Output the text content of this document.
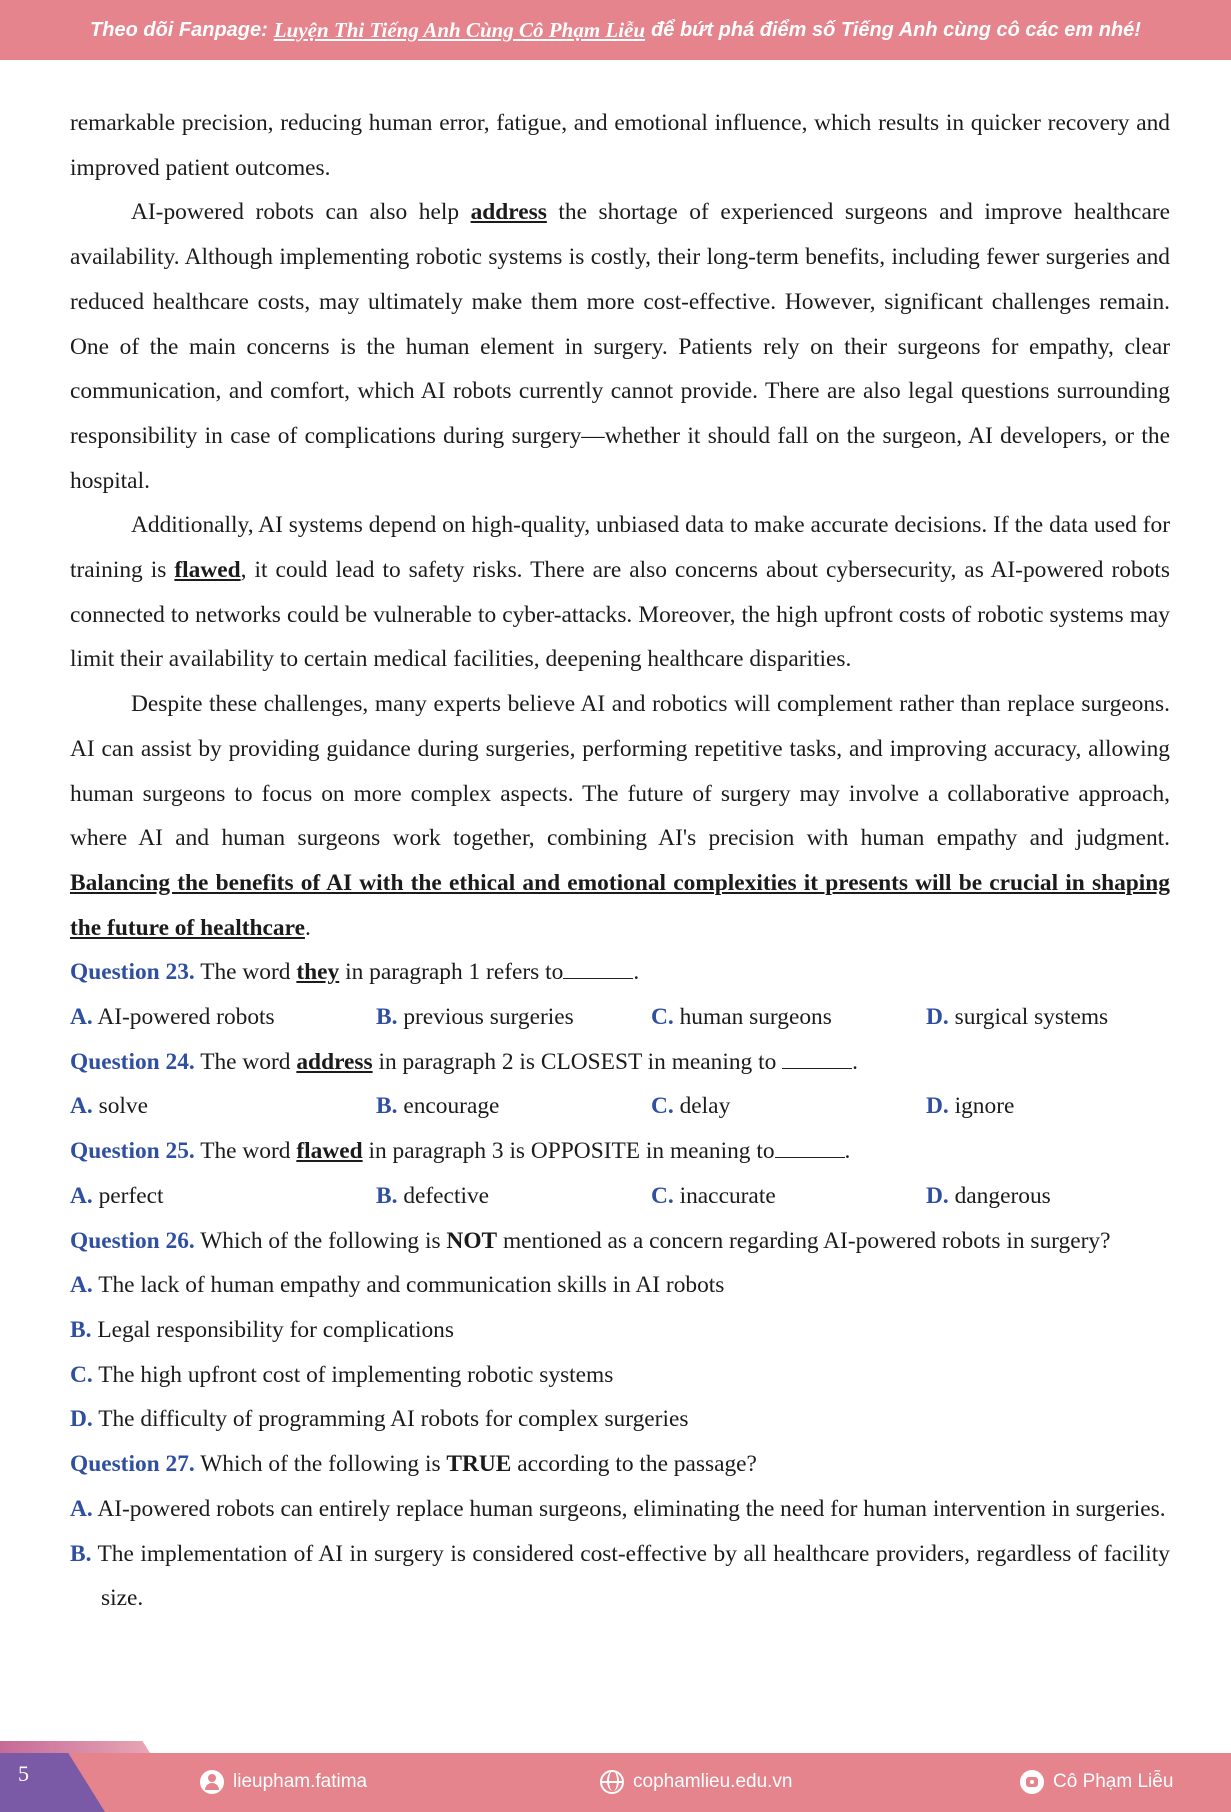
Theo dõi Fanpage: Luyện Thi Tiếng Anh Cùng Cô Phạm Liễu để bứt phá điểm số Tiếng Anh cùng cô các em nhé!

remarkable precision, reducing human error, fatigue, and emotional influence, which results in quicker recovery and improved patient outcomes.

AI-powered robots can also help address the shortage of experienced surgeons and improve healthcare availability. Although implementing robotic systems is costly, their long-term benefits, including fewer surgeries and reduced healthcare costs, may ultimately make them more cost-effective. However, significant challenges remain. One of the main concerns is the human element in surgery. Patients rely on their surgeons for empathy, clear communication, and comfort, which AI robots currently cannot provide. There are also legal questions surrounding responsibility in case of complications during surgery—whether it should fall on the surgeon, AI developers, or the hospital.

Additionally, AI systems depend on high-quality, unbiased data to make accurate decisions. If the data used for training is flawed, it could lead to safety risks. There are also concerns about cybersecurity, as AI-powered robots connected to networks could be vulnerable to cyber-attacks. Moreover, the high upfront costs of robotic systems may limit their availability to certain medical facilities, deepening healthcare disparities.

Despite these challenges, many experts believe AI and robotics will complement rather than replace surgeons. AI can assist by providing guidance during surgeries, performing repetitive tasks, and improving accuracy, allowing human surgeons to focus on more complex aspects. The future of surgery may involve a collaborative approach, where AI and human surgeons work together, combining AI's precision with human empathy and judgment. Balancing the benefits of AI with the ethical and emotional complexities it presents will be crucial in shaping the future of healthcare.

Question 23. The word they in paragraph 1 refers to	.

A. AI-powered robots	B. previous surgeries	C. human surgeons	D. surgical systems

Question 24. The word address in paragraph 2 is CLOSEST in meaning to	.

A. solve	B. encourage	C. delay	D. ignore

Question 25. The word flawed in paragraph 3 is OPPOSITE in meaning to	.

A. perfect	B. defective	C. inaccurate	D. dangerous

Question 26. Which of the following is NOT mentioned as a concern regarding AI-powered robots in surgery?

A. The lack of human empathy and communication skills in AI robots

B. Legal responsibility for complications

C. The high upfront cost of implementing robotic systems

D. The difficulty of programming AI robots for complex surgeries

Question 27. Which of the following is TRUE according to the passage?

A. AI-powered robots can entirely replace human surgeons, eliminating the need for human intervention in surgeries.

B. The implementation of AI in surgery is considered cost-effective by all healthcare providers, regardless of facility size.

5	lieupham.fatima	cophamlieu.edu.vn	Cô Phạm Liễu
